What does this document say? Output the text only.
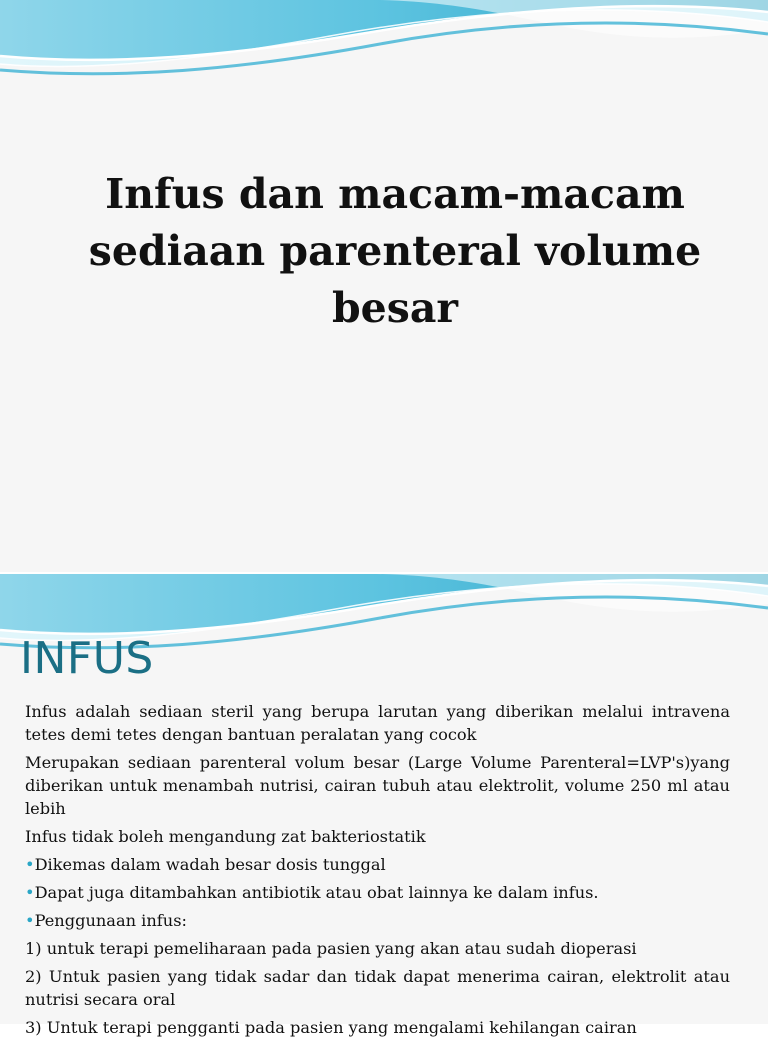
Infus dan macam-macam sediaan parenteral volume besar
INFUS

Infus adalah sediaan steril yang berupa larutan yang diberikan melalui intravena tetes demi tetes dengan bantuan peralatan yang cocok

Merupakan sediaan parenteral volum besar (Large Volume Parenteral=LVP's)yang diberikan untuk menambah nutrisi, cairan tubuh atau elektrolit, volume 250 ml atau lebih

Infus tidak boleh mengandung zat bakteriostatik

•Dikemas dalam wadah besar dosis tunggal

•Dapat juga ditambahkan antibiotik atau obat lainnya ke dalam infus.

•Penggunaan infus:

1) untuk terapi pemeliharaan pada pasien yang akan atau sudah dioperasi

2) Untuk pasien yang tidak sadar dan tidak dapat menerima cairan, elektrolit atau nutrisi secara oral

3) Untuk terapi pengganti pada pasien yang mengalami kehilangan cairan
